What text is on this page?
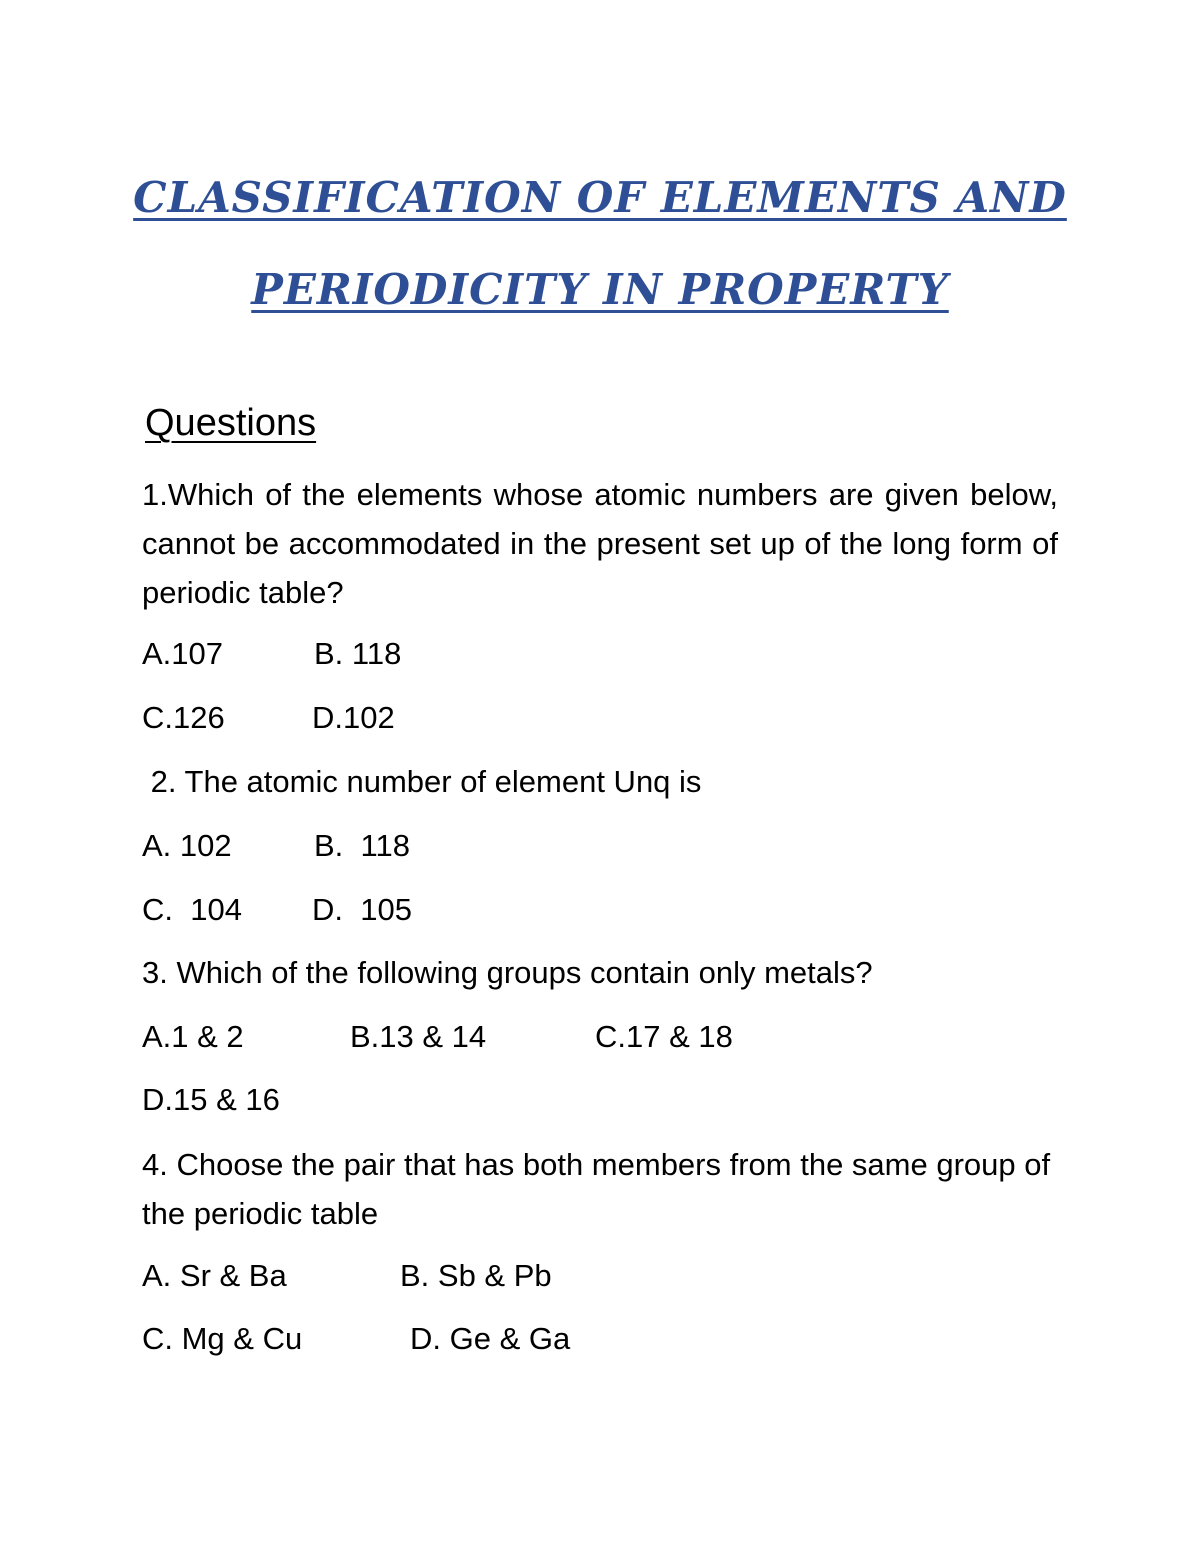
CLASSIFICATION OF ELEMENTS AND
PERIODICITY IN PROPERTY
Questions
1.Which of the elements whose atomic numbers are given below, cannot be accommodated in the present set up of the long form of periodic table?
A.107	B. 118
C.126	D.102
2. The atomic number of element Unq is
A. 102	B.  118
C.  104 D.  105
3. Which of the following groups contain only metals?
A.1 & 2	B.13 & 14	C.17 & 18
D.15 & 16
4. Choose the pair that has both members from the same group of the periodic table
A. Sr & Ba	B. Sb & Pb
C. Mg & Cu	D. Ge & Ga
